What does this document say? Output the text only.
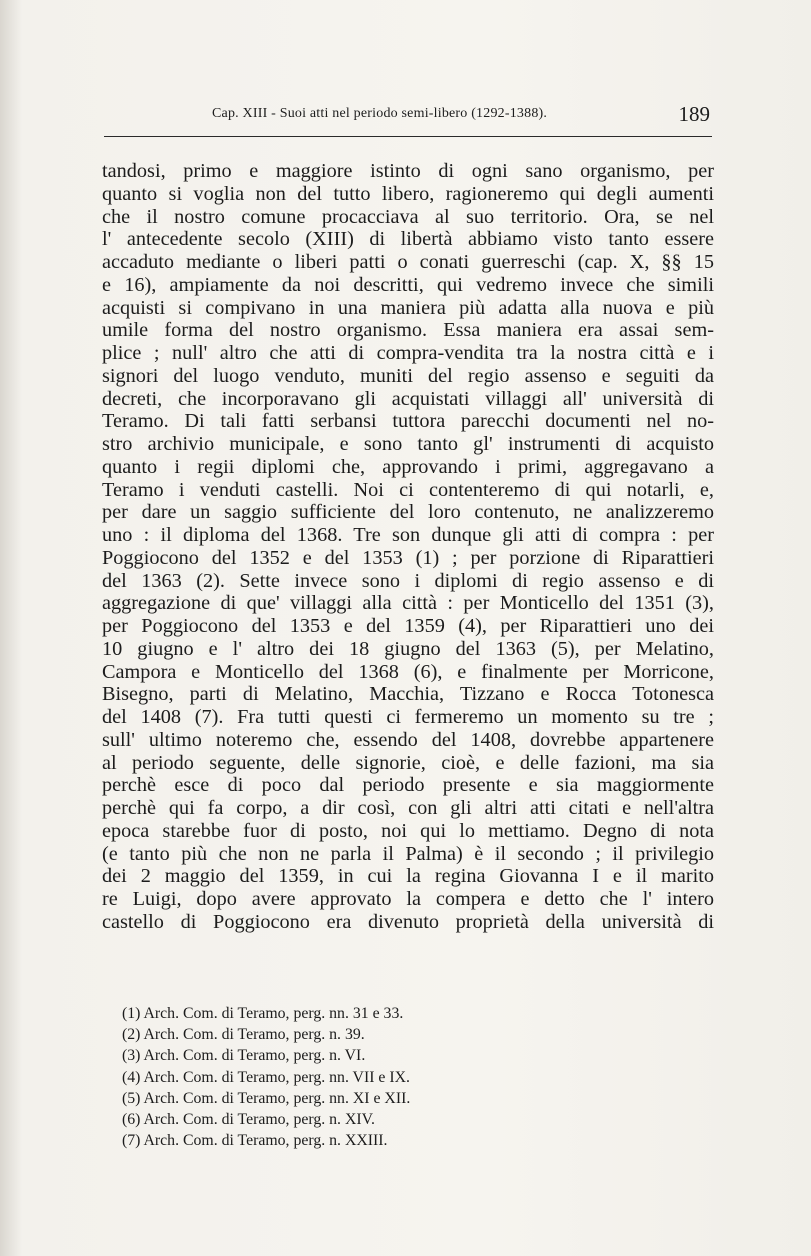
Cap. XIII - Suoi atti nel periodo semi-libero (1292-1388).	189
tandosi, primo e maggiore istinto di ogni sano organismo, per
quanto si voglia non del tutto libero, ragioneremo qui degli aumenti
che il nostro comune procacciava al suo territorio. Ora, se nel
l' antecedente secolo (XIII) di libertà abbiamo visto tanto essere
accaduto mediante o liberi patti o conati guerreschi (cap. X, §§ 15
e 16), ampiamente da noi descritti, qui vedremo invece che simili
acquisti si compivano in una maniera più adatta alla nuova e più
umile forma del nostro organismo. Essa maniera era assai sem-
plice ; null' altro che atti di compra-vendita tra la nostra città e i
signori del luogo venduto, muniti del regio assenso e seguiti da
decreti, che incorporavano gli acquistati villaggi all' università di
Teramo. Di tali fatti serbansi tuttora parecchi documenti nel no-
stro archivio municipale, e sono tanto gl' instrumenti di acquisto
quanto i regii diplomi che, approvando i primi, aggregavano a
Teramo i venduti castelli. Noi ci contenteremo di qui notarli, e,
per dare un saggio sufficiente del loro contenuto, ne analizzeremo
uno : il diploma del 1368. Tre son dunque gli atti di compra : per
Poggiocono del 1352 e del 1353 (1) ; per porzione di Riparattieri
del 1363 (2). Sette invece sono i diplomi di regio assenso e di
aggregazione di que' villaggi alla città : per Monticello del 1351 (3),
per Poggiocono del 1353 e del 1359 (4), per Riparattieri uno dei
10 giugno e l' altro dei 18 giugno del 1363 (5), per Melatino,
Campora e Monticello del 1368 (6), e finalmente per Morricone,
Bisegno, parti di Melatino, Macchia, Tizzano e Rocca Totonesca
del 1408 (7). Fra tutti questi ci fermeremo un momento su tre ;
sull' ultimo noteremo che, essendo del 1408, dovrebbe appartenere
al periodo seguente, delle signorie, cioè, e delle fazioni, ma sia
perchè esce di poco dal periodo presente e sia maggiormente
perchè qui fa corpo, a dir così, con gli altri atti citati e nell'altra
epoca starebbe fuor di posto, noi qui lo mettiamo. Degno di nota
(e tanto più che non ne parla il Palma) è il secondo ; il privilegio
dei 2 maggio del 1359, in cui la regina Giovanna I e il marito
re Luigi, dopo avere approvato la compera e detto che l' intero
castello di Poggiocono era divenuto proprietà della università di
(1) Arch. Com. di Teramo, perg. nn. 31 e 33.
(2) Arch. Com. di Teramo, perg. n. 39.
(3) Arch. Com. di Teramo, perg. n. VI.
(4) Arch. Com. di Teramo, perg. nn. VII e IX.
(5) Arch. Com. di Teramo, perg. nn. XI e XII.
(6) Arch. Com. di Teramo, perg. n. XIV.
(7) Arch. Com. di Teramo, perg. n. XXIII.
